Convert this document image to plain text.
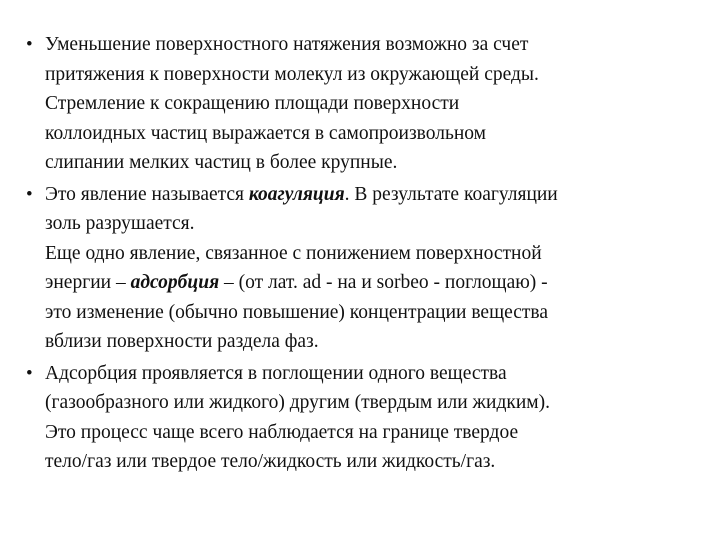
• Уменьшение поверхностного натяжения возможно за счет
притяжения к поверхности молекул из окружающей среды.
Стремление к сокращению площади поверхности
коллоидных частиц выражается в самопроизвольном
слипании мелких частиц в более крупные.
• Это явление называется коагуляция. В результате коагуляции
золь разрушается.
Еще одно явление, связанное с понижением поверхностной
энергии – адсорбция – (от лат. ad - на и sorbeo - поглощаю) -
это изменение (обычно повышение) концентрации вещества
вблизи поверхности раздела фаз.
• Адсорбция проявляется в поглощении одного вещества
(газообразного или жидкого) другим (твердым или жидким).
Это процесс чаще всего наблюдается на границе твердое
тело/газ или твердое тело/жидкость или жидкость/газ.
